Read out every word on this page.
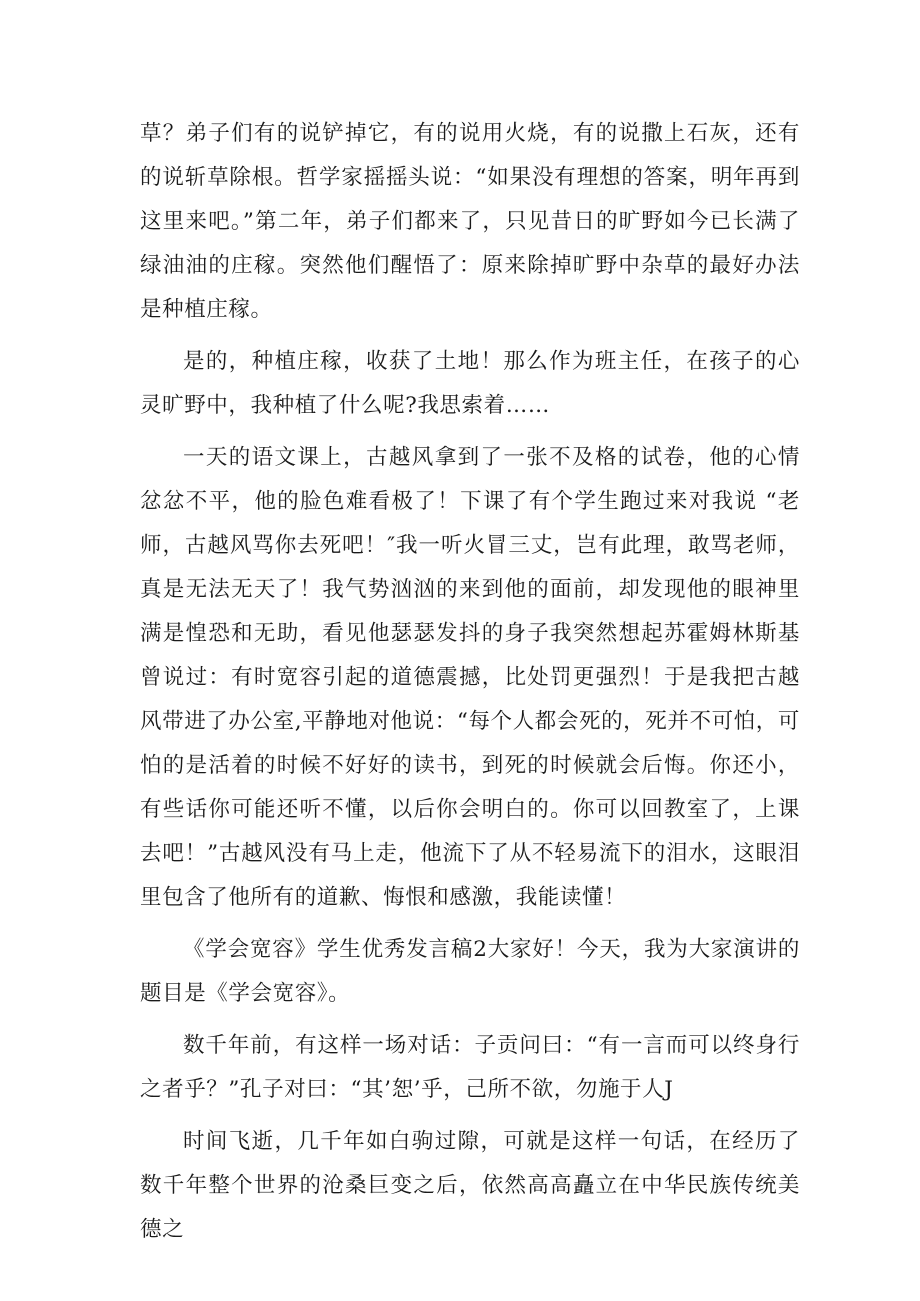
草？弟子们有的说铲掉它，有的说用火烧，有的说撒上石灰，还有的说斩草除根。哲学家摇摇头说：“如果没有理想的答案，明年再到这里来吧。”第二年，弟子们都来了，只见昔日的旷野如今已长满了绿油油的庄稼。突然他们醒悟了：原来除掉旷野中杂草的最好办法是种植庄稼。

是的，种植庄稼，收获了土地！那么作为班主任，在孩子的心灵旷野中，我种植了什么呢?我思索着……

一天的语文课上，古越风拿到了一张不及格的试卷，他的心情忿忿不平，他的脸色难看极了！下课了有个学生跑过来对我说 “老师，古越风骂你去死吧！″我一听火冒三丈，岂有此理，敢骂老师，真是无法无天了！我气势汹汹的来到他的面前，却发现他的眼神里满是惶恐和无助，看见他瑟瑟发抖的身子我突然想起苏霍姆林斯基曾说过：有时宽容引起的道德震撼，比处罚更强烈！于是我把古越风带进了办公室,平静地对他说：“每个人都会死的，死并不可怕，可怕的是活着的时候不好好的读书，到死的时候就会后悔。你还小，有些话你可能还听不懂，以后你会明白的。你可以回教室了，上课去吧！”古越风没有马上走，他流下了从不轻易流下的泪水，这眼泪里包含了他所有的道歉、悔恨和感激，我能读懂！

《学会宽容》学生优秀发言稿2大家好！今天，我为大家演讲的题目是《学会宽容》。

数千年前，有这样一场对话：子贡问曰：“有一言而可以终身行之者乎？”孔子对曰：“其’恕’乎，己所不欲，勿施于人J

时间飞逝，几千年如白驹过隙，可就是这样一句话，在经历了数千年整个世界的沧桑巨变之后，依然高高矗立在中华民族传统美德之
